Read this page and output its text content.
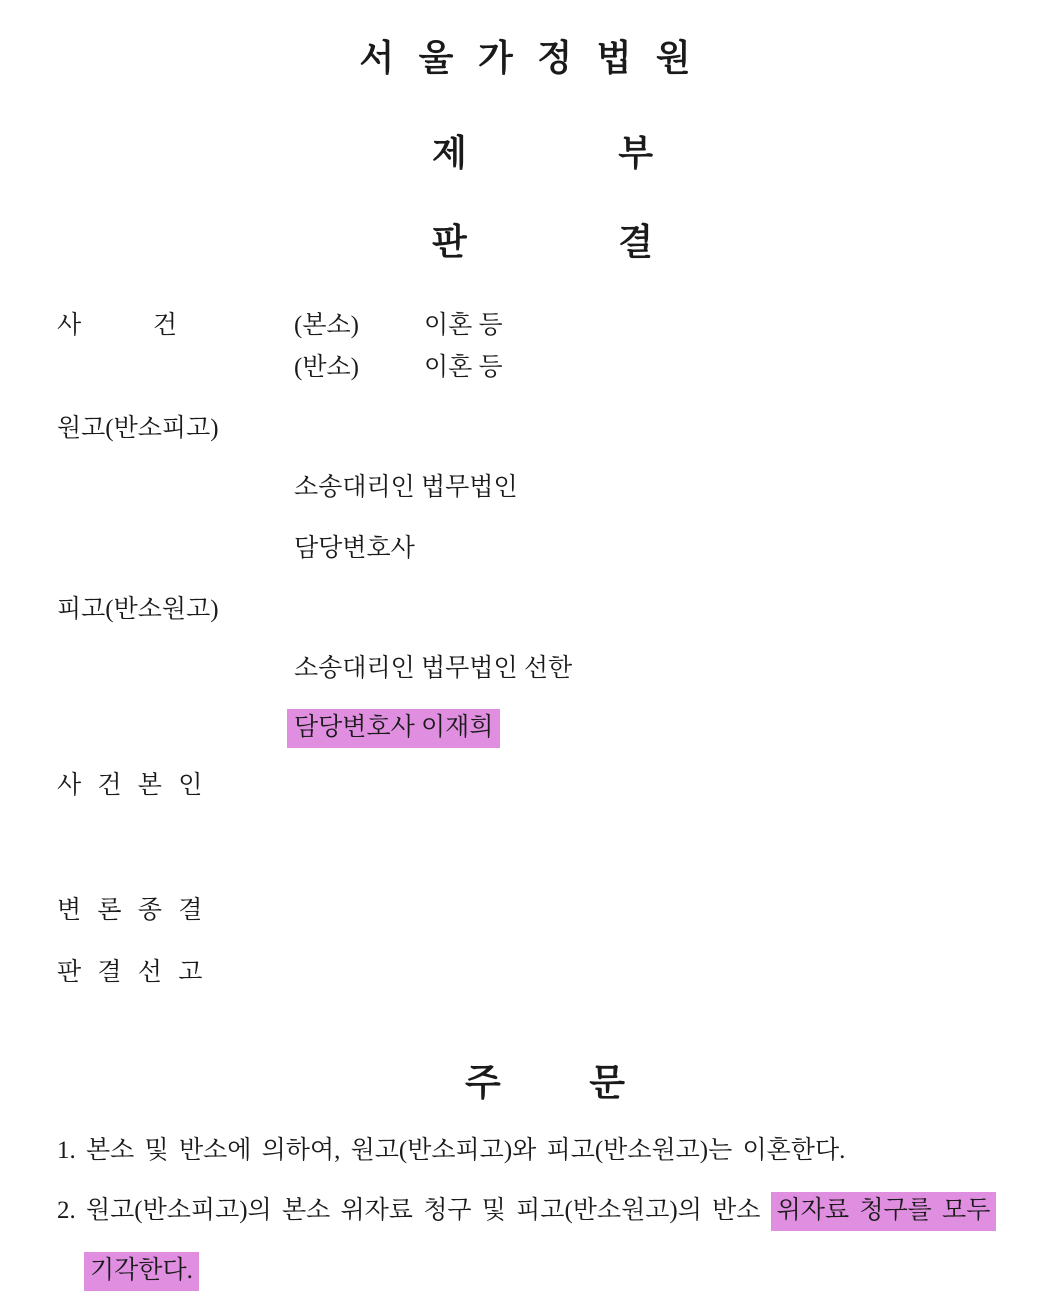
서 울 가 정 법 원
제	부
판	결
사	건	(본소)	이혼 등
(반소)	이혼 등
원고(반소피고)
소송대리인 법무법인
담당변호사
피고(반소원고)
소송대리인 법무법인 선한
담당변호사 이재희
사 건 본 인
변 론 종 결
판 결 선 고
주 문
1. 본소 및 반소에 의하여, 원고(반소피고)와 피고(반소원고)는 이혼한다.
2. 원고(반소피고)의 본소 위자료 청구 및 피고(반소원고)의 반소 위자료 청구를 모두
기각한다.
